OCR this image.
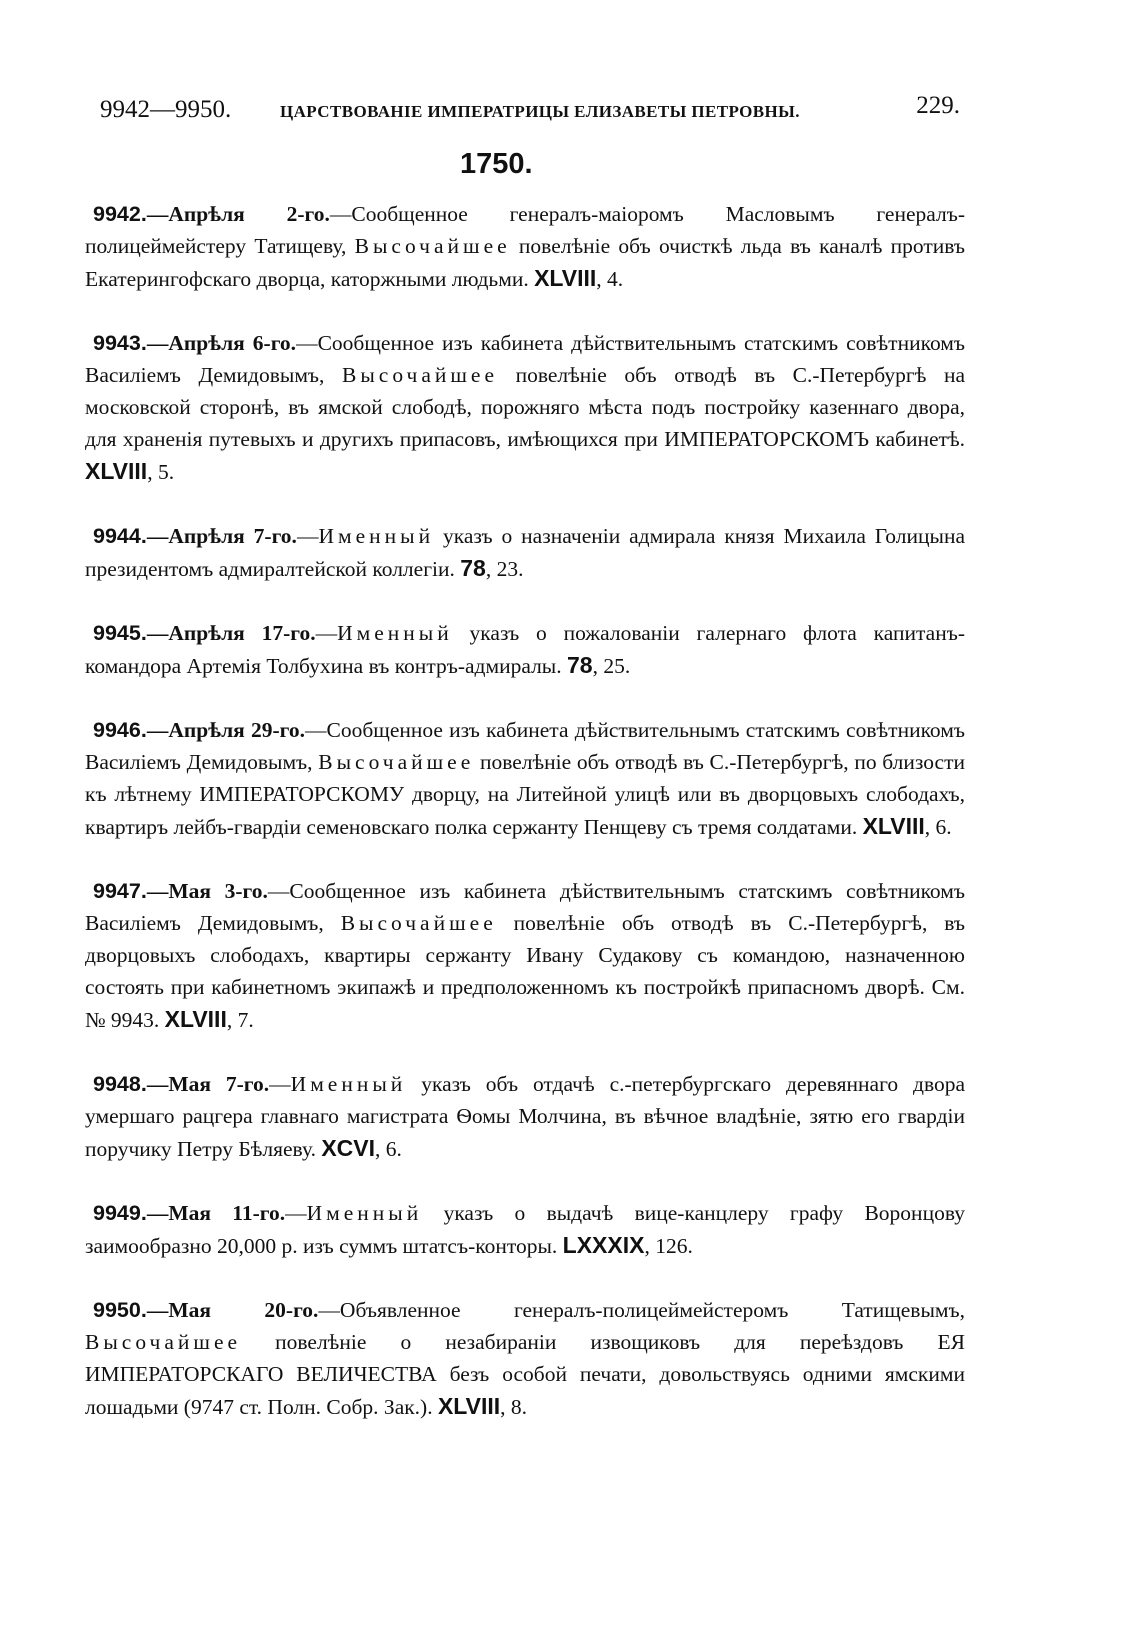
9942—9950.	ЦАРСТВОВАНІЕ ИМПЕРАТРИЦЫ ЕЛИЗАВЕТЫ ПЕТРОВНЫ.	229.
1750.

9942.—Апрѣля 2-го.—Сообщенное генералъ-маіоромъ Масловымъ генералъ-полицеймейстеру Татищеву, Высочайшее повелѣніе объ очисткѣ льда въ каналѣ противъ Екатерингофскаго дворца, каторжными людьми. XLVIII, 4.

9943.—Апрѣля 6-го.—Сообщенное изъ кабинета дѣйствительнымъ статскимъ совѣтникомъ Василіемъ Демидовымъ, Высочайшее повелѣніе объ отводѣ въ С.-Петербургѣ на московской сторонѣ, въ ямской слободѣ, порожняго мѣста подъ постройку казеннаго двора, для храненія путевыхъ и другихъ припасовъ, имѣющихся при ИМПЕРАТОРСКОМЪ кабинетѣ. XLVIII, 5.

9944.—Апрѣля 7-го.—Именный указъ о назначеніи адмирала князя Михаила Голицына президентомъ адмиралтейской коллегіи. 78, 23.

9945.—Апрѣля 17-го.—Именный указъ о пожалованіи галернаго флота капитанъ-командора Артемія Толбухина въ контръ-адмиралы. 78, 25.

9946.—Апрѣля 29-го.—Сообщенное изъ кабинета дѣйствительнымъ статскимъ совѣтникомъ Василіемъ Демидовымъ, Высочайшее повелѣніе объ отводѣ въ С.-Петербургѣ, по близости къ лѣтнему ИМПЕРАТОРСКОМУ дворцу, на Литейной улицѣ или въ дворцовыхъ слободахъ, квартиръ лейбъ-гвардіи семеновскаго полка сержанту Пенщеву съ тремя солдатами. XLVIII, 6.

9947.—Мая 3-го.—Сообщенное изъ кабинета дѣйствительнымъ статскимъ совѣтникомъ Василіемъ Демидовымъ, Высочайшее повелѣніе объ отводѣ въ С.-Петербургѣ, въ дворцовыхъ слободахъ, квартиры сержанту Ивану Судакову съ командою, назначенною состоять при кабинетномъ экипажѣ и предположенномъ къ постройкѣ припасномъ дворѣ. См. № 9943. XLVIII, 7.

9948.—Мая 7-го.—Именный указъ объ отдачѣ с.-петербургскаго деревяннаго двора умершаго рацгера главнаго магистрата Ѳомы Молчина, въ вѣчное владѣніе, зятю его гвардіи поручику Петру Бѣляеву. XCVI, 6.

9949.—Мая 11-го.—Именный указъ о выдачѣ вице-канцлеру графу Воронцову заимообразно 20,000 р. изъ суммъ штатсъ-конторы. LXXXIX, 126.

9950.—Мая 20-го.—Объявленное генералъ-полицеймейстеромъ Татищевымъ, Высочайшее повелѣніе о незабираніи извощиковъ для переѣздовъ ЕЯ ИМПЕРАТОРСКАГО ВЕЛИЧЕСТВА безъ особой печати, довольствуясь одними ямскими лошадьми (9747 ст. Полн. Собр. Зак.). XLVIII, 8.
